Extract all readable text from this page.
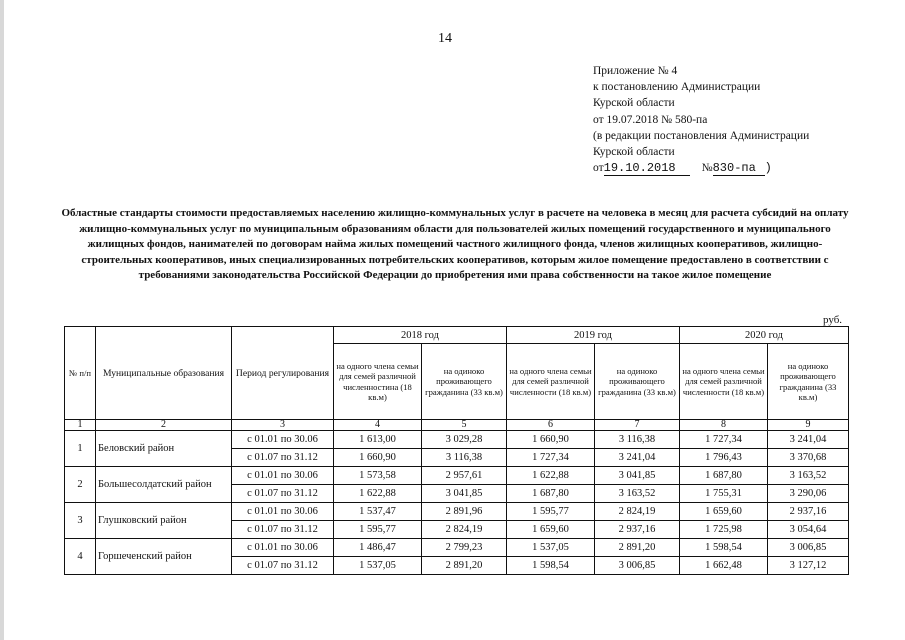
14
Приложение № 4
к постановлению Администрации
Курской области
от 19.07.2018 № 580-па
(в редакции постановления Администрации
Курской области
от19.10.2018 №830-па )
Областные стандарты стоимости предоставляемых населению жилищно-коммунальных услуг в расчете на человека в месяц для расчета субсидий на оплату жилищно-коммунальных услуг по муниципальным образованиям области для пользователей жилых помещений государственного и муниципального жилищных фондов, нанимателей по договорам найма жилых помещений частного жилищного фонда, членов жилищных кооперативов, жилищно-строительных кооперативов, иных специализированных потребительских кооперативов, которым жилое помещение предоставлено в соответствии с требованиями законодательства Российской Федерации до приобретения ими права собственности на такое жилое помещение
руб.
№ п/п	Муниципальные образования	Период регулирования	2018 год		2019 год		2020 год	
			на одного члена семьи для семей различной численностина (18 кв.м)	на одиноко проживающего гражданина (33 кв.м)	на одного члена семьи для семей различной численности (18 кв.м)	на одиноко проживающего гражданина (33 кв.м)	на одного члена семьи для семей различной численности (18 кв.м)	на одиноко проживающего гражданина (33 кв.м)
1	2	3	4	5	6	7	8	9
1	Беловский район	с 01.01 по 30.06	1 613,00	3 029,28	1 660,90	3 116,38	1 727,34	3 241,04
		с 01.07 по 31.12	1 660,90	3 116,38	1 727,34	3 241,04	1 796,43	3 370,68
2	Большесолдатский район	с 01.01 по 30.06	1 573,58	2 957,61	1 622,88	3 041,85	1 687,80	3 163,52
		с 01.07 по 31.12	1 622,88	3 041,85	1 687,80	3 163,52	1 755,31	3 290,06
3	Глушковский район	с 01.01 по 30.06	1 537,47	2 891,96	1 595,77	2 824,19	1 659,60	2 937,16
		с 01.07 по 31.12	1 595,77	2 824,19	1 659,60	2 937,16	1 725,98	3 054,64
4	Горшеченский район	с 01.01 по 30.06	1 486,47	2 799,23	1 537,05	2 891,20	1 598,54	3 006,85
		с 01.07 по 31.12	1 537,05	2 891,20	1 598,54	3 006,85	1 662,48	3 127,12
